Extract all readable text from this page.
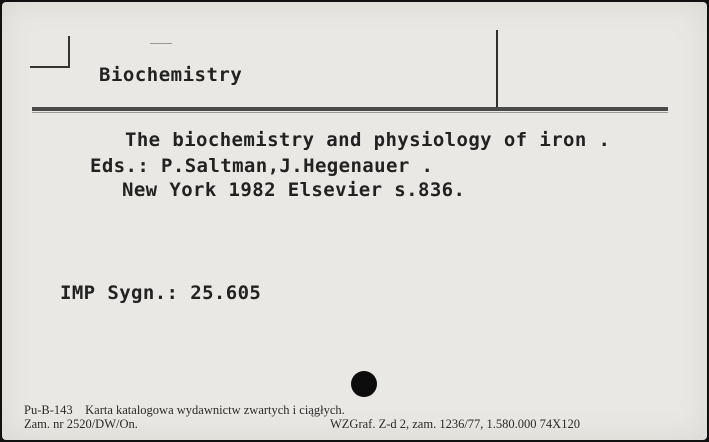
Biochemistry
The biochemistry and physiology of iron .
Eds.: P.Saltman,J.Hegenauer .
New York 1982 Elsevier s.836.
IMP Sygn.: 25.605
Pu-B-143 Karta katalogowa wydawnictw zwartych i ciągłych.
Zam. nr 2520/DW/On.	WZGraf. Z-d 2, zam. 1236/77, 1.580.000 74X120
